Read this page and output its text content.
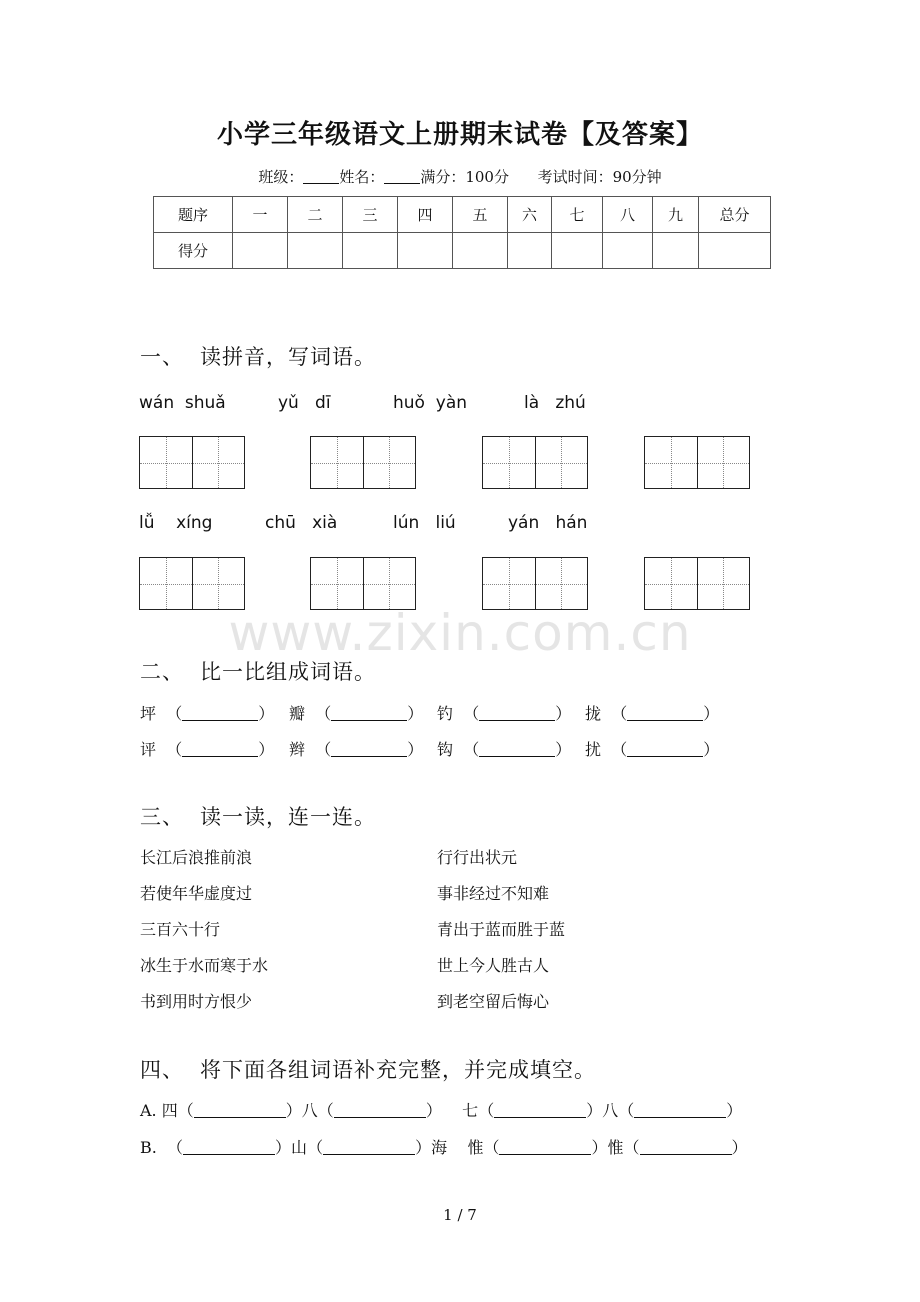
小学三年级语文上册期末试卷【及答案】
班级： 姓名： 满分：100分 考试时间：90分钟
题序	一	二	三	四	五	六	七	八	九	总分
得分										
一、 读拼音，写词语。
wán  shuǎ	yǔ   dī	huǒ  yàn	là   zhú
lǚ    xíng	chū   xià	lún   liú	yán   hán
www.zixin.com.cn
二、 比一比组成词语。
坪  （	） 瓣  （	） 钓  （	） 拢  （	）
评  （	） 辫  （	） 钩  （	） 扰  （	）
三、 读一读，连一连。
长江后浪推前浪
若使年华虚度过
三百六十行
冰生于水而寒于水
书到用时方恨少
行行出状元
事非经过不知难
青出于蓝而胜于蓝
世上今人胜古人
到老空留后悔心
四、 将下面各组词语补充完整，并完成填空。
A. 四（	）八（	）    七（	）八（	）
B.  （	）山（	）海 惟（	）惟（	）
1 / 7
